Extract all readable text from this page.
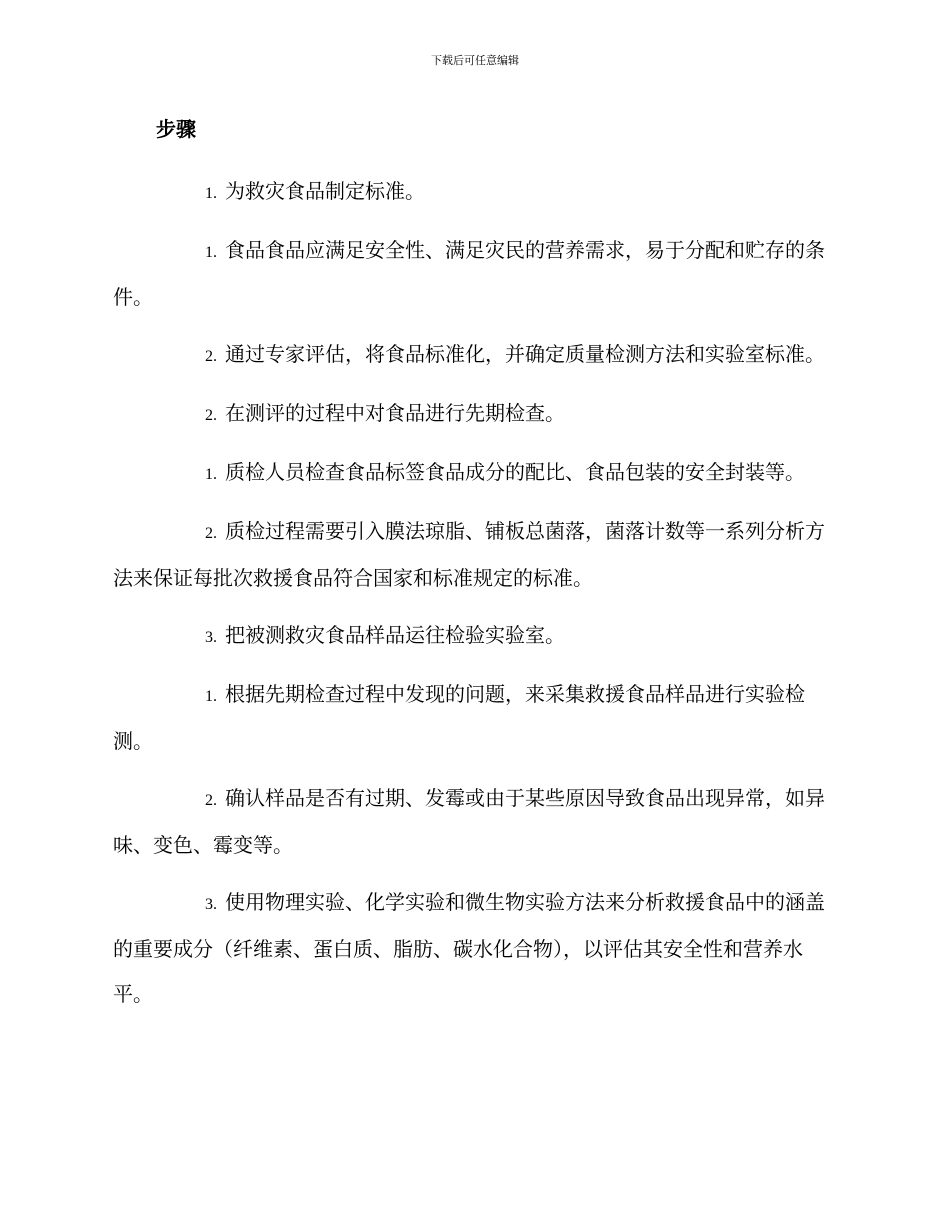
下载后可任意编辑
步骤

1. 为救灾食品制定标准。

1. 食品食品应满足安全性、满足灾民的营养需求，易于分配和贮存的条件。

2. 通过专家评估，将食品标准化，并确定质量检测方法和实验室标准。

2. 在测评的过程中对食品进行先期检查。

1. 质检人员检查食品标签食品成分的配比、食品包装的安全封装等。

2. 质检过程需要引入膜法琼脂、铺板总菌落，菌落计数等一系列分析方法来保证每批次救援食品符合国家和标准规定的标准。

3. 把被测救灾食品样品运往检验实验室。

1. 根据先期检查过程中发现的问题，来采集救援食品样品进行实验检测。

2. 确认样品是否有过期、发霉或由于某些原因导致食品出现异常，如异味、变色、霉变等。

3. 使用物理实验、化学实验和微生物实验方法来分析救援食品中的涵盖的重要成分（纤维素、蛋白质、脂肪、碳水化合物），以评估其安全性和营养水平。
